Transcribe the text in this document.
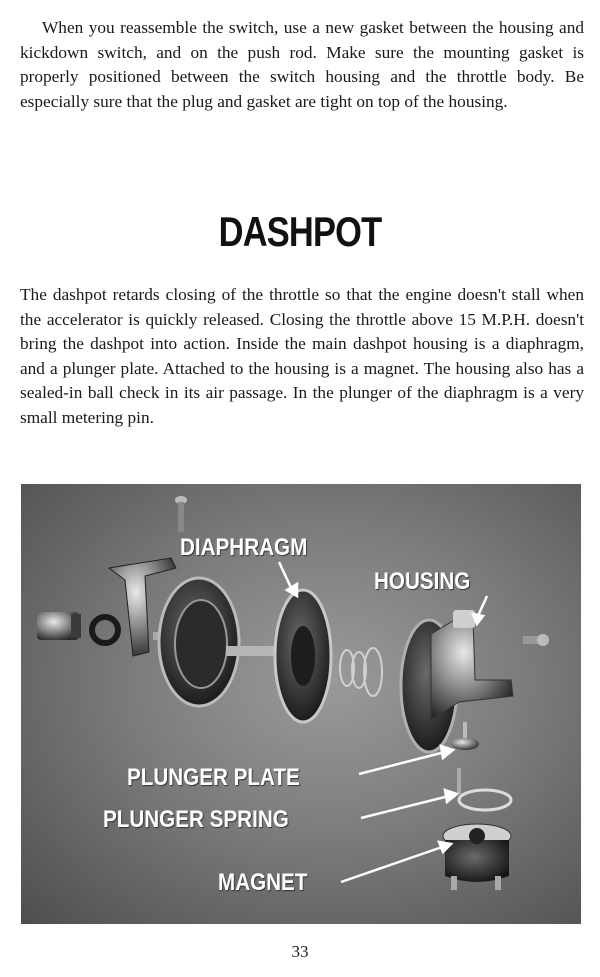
When you reassemble the switch, use a new gasket between the housing and kickdown switch, and on the push rod. Make sure the mounting gasket is properly positioned between the switch housing and the throttle body. Be especially sure that the plug and gasket are tight on top of the housing.

DASHPOT

The dashpot retards closing of the throttle so that the engine doesn't stall when the accelerator is quickly released. Closing the throttle above 15 M.P.H. doesn't bring the dashpot into action. Inside the main dashpot housing is a diaphragm, and a plunger plate. Attached to the housing is a magnet. The housing also has a sealed-in ball check in its air passage. In the plunger of the diaphragm is a very small metering pin.

DIAPHRAGM

HOUSING

PLUNGER PLATE

PLUNGER SPRING

MAGNET

33
